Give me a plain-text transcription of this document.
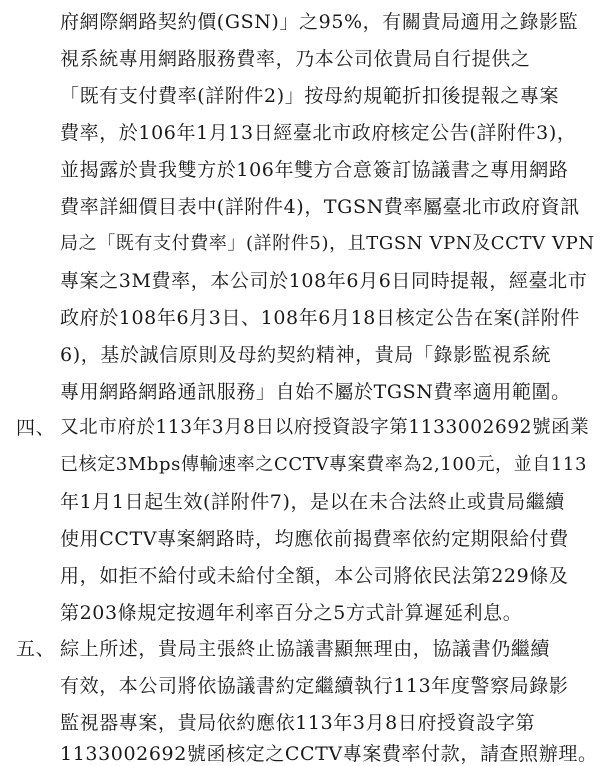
府網際網路契約價(GSN)」之95%，有關貴局適用之錄影監
視系統專用網路服務費率，乃本公司依貴局自行提供之
「既有支付費率(詳附件2)」按母約規範折扣後提報之專案
費率，於106年1月13日經臺北市政府核定公告(詳附件3)，
並揭露於貴我雙方於106年雙方合意簽訂協議書之專用網路
費率詳細價目表中(詳附件4)，TGSN費率屬臺北市政府資訊
局之「既有支付費率」(詳附件5)，且TGSN VPN及CCTV VPN
專案之3M費率，本公司於108年6月6日同時提報，經臺北市
政府於108年6月3日、108年6月18日核定公告在案(詳附件
6)，基於誠信原則及母約契約精神，貴局「錄影監視系統
專用網路網路通訊服務」自始不屬於TGSN費率適用範圍。
四、 又北市府於113年3月8日以府授資設字第1133002692號函業
已核定3Mbps傳輸速率之CCTV專案費率為2,100元，並自113
年1月1日起生效(詳附件7)，是以在未合法終止或貴局繼續
使用CCTV專案網路時，均應依前揭費率依約定期限給付費
用，如拒不給付或未給付全額，本公司將依民法第229條及
第203條規定按週年利率百分之5方式計算遲延利息。
五、 綜上所述，貴局主張終止協議書顯無理由，協議書仍繼續
有效，本公司將依協議書約定繼續執行113年度警察局錄影
監視器專案，貴局依約應依113年3月8日府授資設字第
1133002692號函核定之CCTV專案費率付款，請查照辦理。
